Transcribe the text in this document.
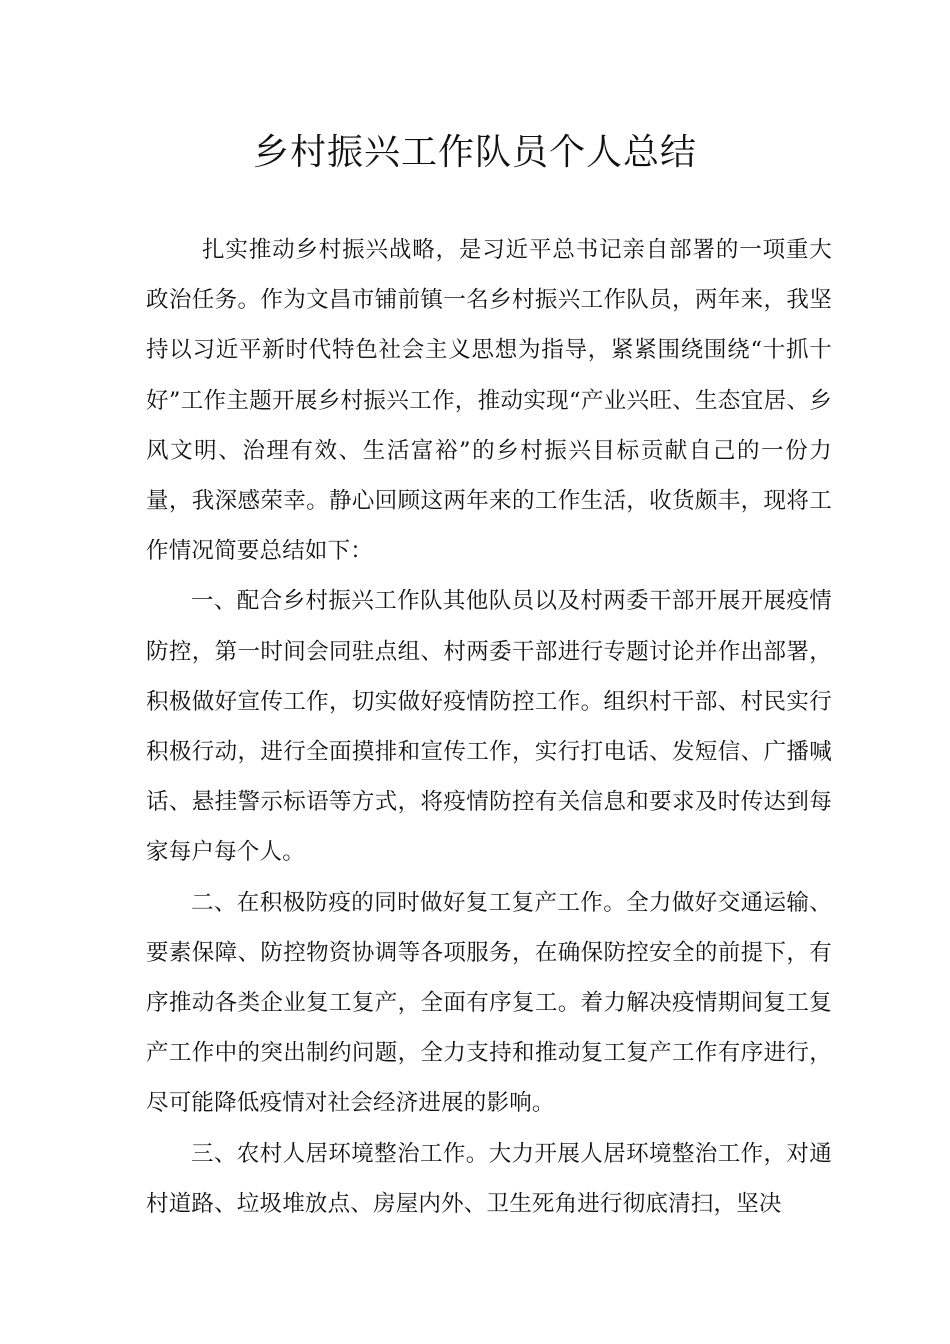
乡村振兴工作队员个人总结

扎实推动乡村振兴战略，是习近平总书记亲自部署的一项重大政治任务。作为文昌市铺前镇一名乡村振兴工作队员，两年来，我坚持以习近平新时代特色社会主义思想为指导，紧紧围绕围绕“十抓十好”工作主题开展乡村振兴工作，推动实现“产业兴旺、生态宜居、乡风文明、治理有效、生活富裕”的乡村振兴目标贡献自己的一份力量，我深感荣幸。静心回顾这两年来的工作生活，收货颇丰，现将工作情况简要总结如下：

一、配合乡村振兴工作队其他队员以及村两委干部开展开展疫情防控，第一时间会同驻点组、村两委干部进行专题讨论并作出部署，积极做好宣传工作，切实做好疫情防控工作。组织村干部、村民实行积极行动，进行全面摸排和宣传工作，实行打电话、发短信、广播喊话、悬挂警示标语等方式，将疫情防控有关信息和要求及时传达到每家每户每个人。

二、在积极防疫的同时做好复工复产工作。全力做好交通运输、要素保障、防控物资协调等各项服务，在确保防控安全的前提下，有序推动各类企业复工复产，全面有序复工。着力解决疫情期间复工复产工作中的突出制约问题，全力支持和推动复工复产工作有序进行，尽可能降低疫情对社会经济进展的影响。

三、农村人居环境整治工作。大力开展人居环境整治工作，对通村道路、垃圾堆放点、房屋内外、卫生死角进行彻底清扫，坚决
